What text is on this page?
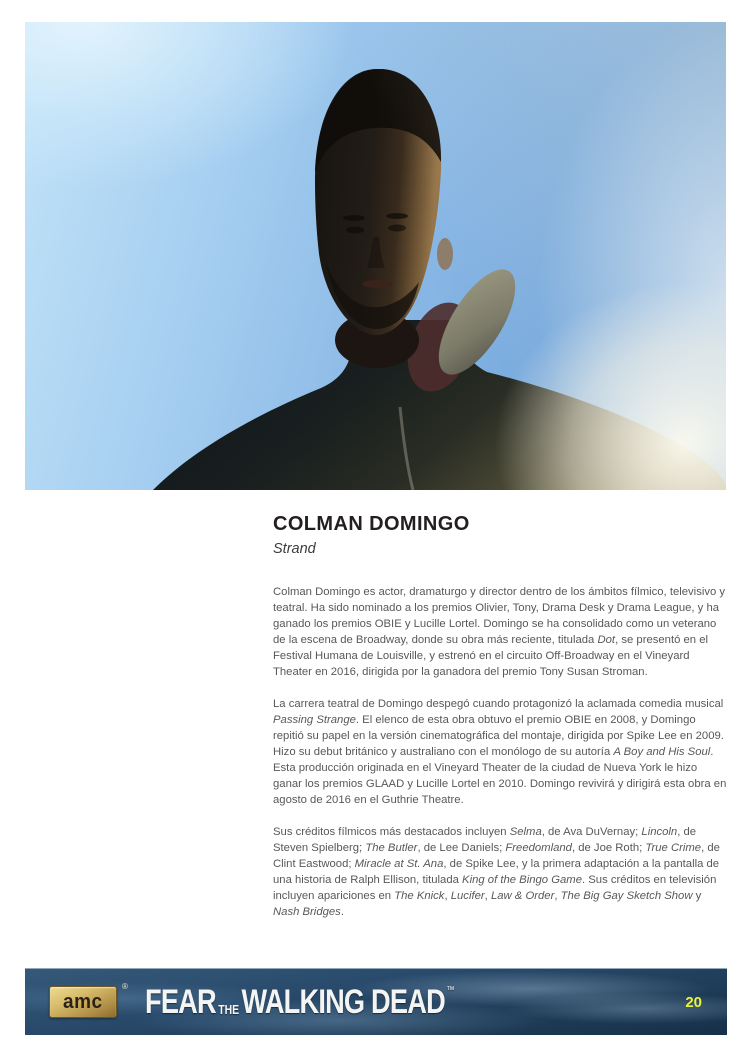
COLMAN DOMINGO
Strand

Colman Domingo es actor, dramaturgo y director dentro de los ámbitos fílmico, televisivo y teatral. Ha sido nominado a los premios Olivier, Tony, Drama Desk y Drama League, y ha ganado los premios OBIE y Lucille Lortel. Domingo se ha consolidado como un veterano de la escena de Broadway, donde su obra más reciente, titulada Dot, se presentó en el Festival Humana de Louisville, y estrenó en el circuito Off-Broadway en el Vineyard Theater en 2016, dirigida por la ganadora del premio Tony Susan Stroman.

La carrera teatral de Domingo despegó cuando protagonizó la aclamada comedia musical Passing Strange. El elenco de esta obra obtuvo el premio OBIE en 2008, y Domingo repitió su papel en la versión cinematográfica del montaje, dirigida por Spike Lee en 2009. Hizo su debut británico y australiano con el monólogo de su autoría A Boy and His Soul. Esta producción originada en el Vineyard Theater de la ciudad de Nueva York le hizo ganar los premios GLAAD y Lucille Lortel en 2010. Domingo revivirá y dirigirá esta obra en agosto de 2016 en el Guthrie Theatre.

Sus créditos fílmicos más destacados incluyen Selma, de Ava DuVernay; Lincoln, de Steven Spielberg; The Butler, de Lee Daniels; Freedomland, de Joe Roth; True Crime, de Clint Eastwood; Miracle at St. Ana, de Spike Lee, y la primera adaptación a la pantalla de una historia de Ralph Ellison, titulada King of the Bingo Game. Sus créditos en televisión incluyen apariciones en The Knick, Lucifer, Law & Order, The Big Gay Sketch Show y Nash Bridges.

amc
® FEAR THE WALKING DEAD ™
20
